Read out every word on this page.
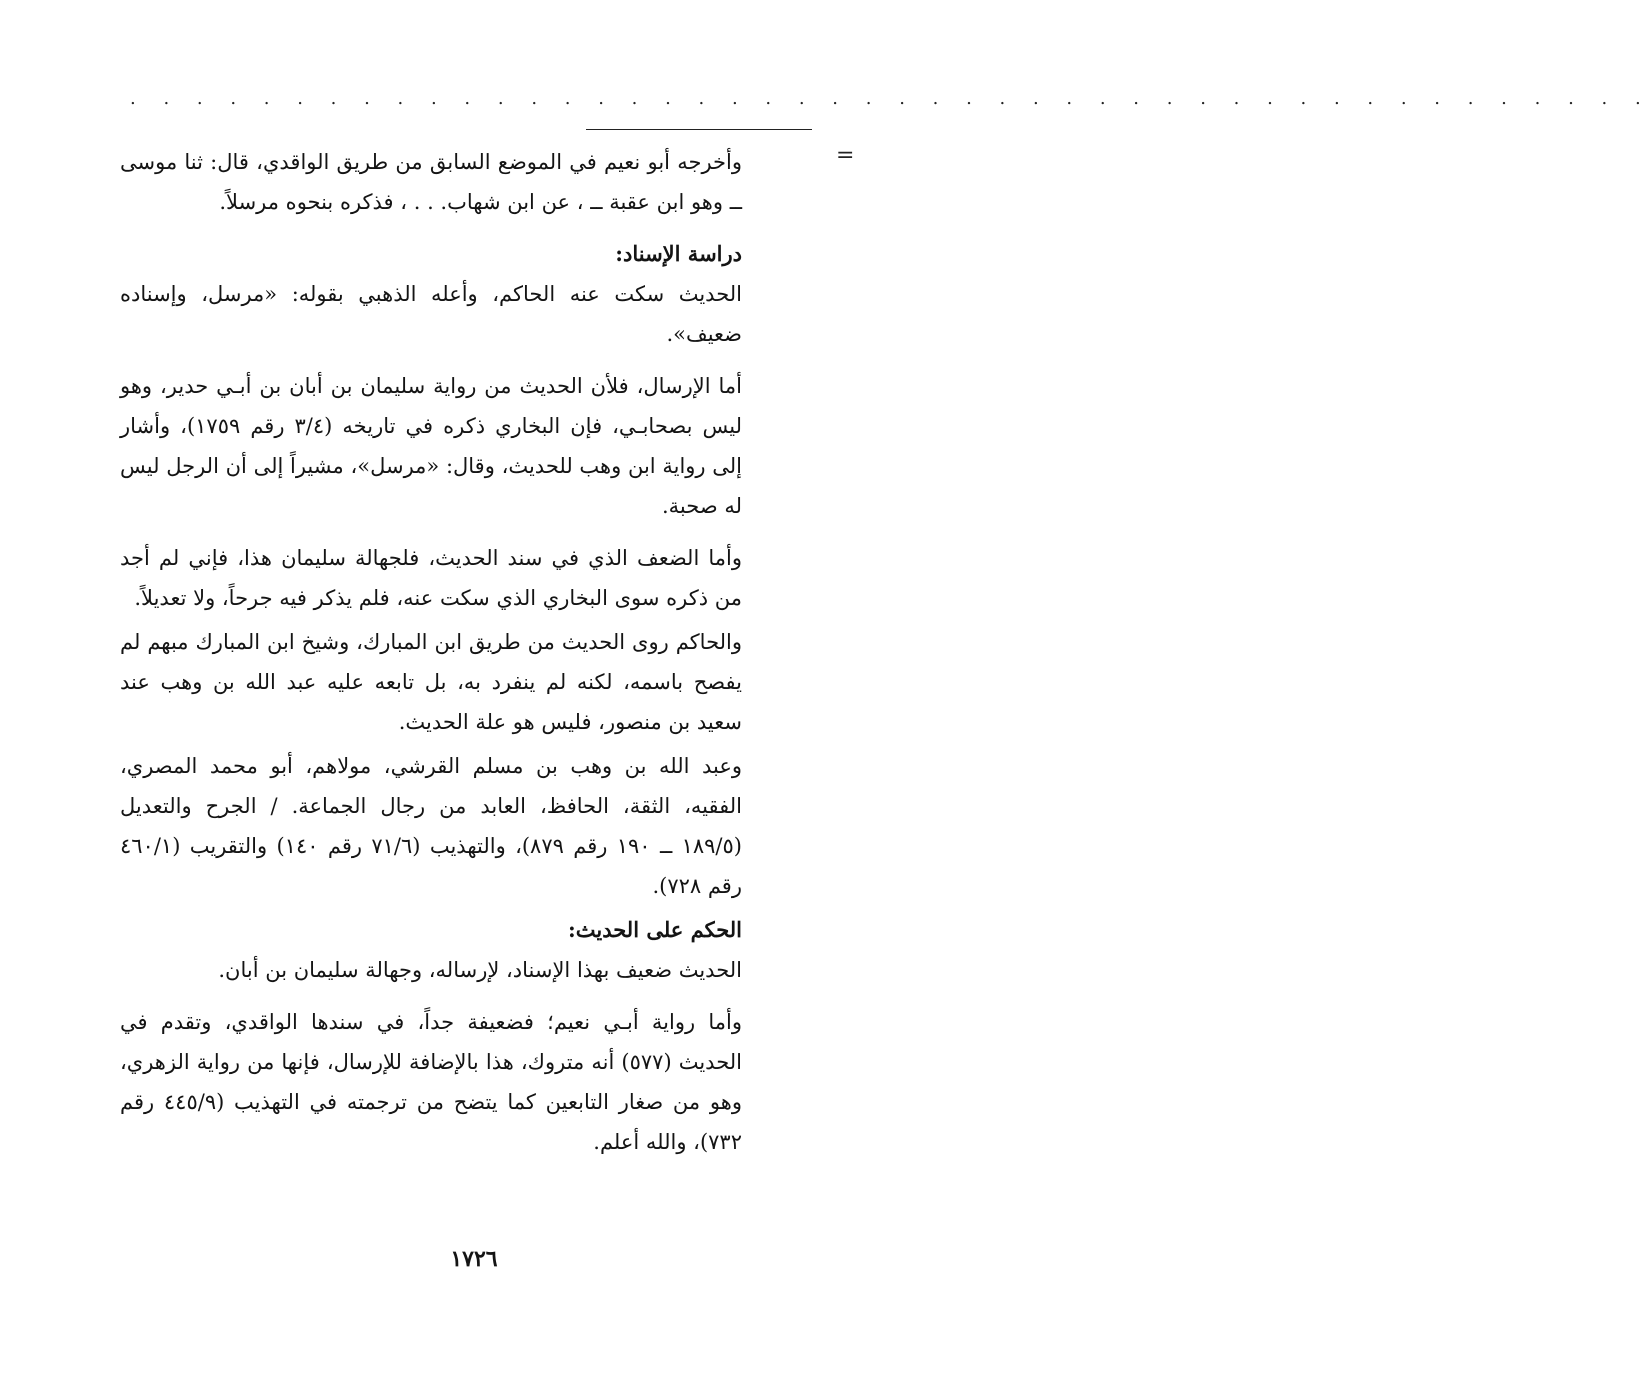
. . . . . . . . . . . . . . . . . . . . . . . . . . . . . . . . . . . . . . . . . . . . . .
=

وأخرجه أبو نعيم في الموضع السابق من طريق الواقدي، قال: ثنا موسى ــ وهو ابن عقبة ــ ، عن ابن شهاب. . . ، فذكره بنحوه مرسلاً.

دراسة الإسناد:

الحديث سكت عنه الحاكم، وأعله الذهبي بقوله: «مرسل، وإسناده ضعيف».

أما الإرسال، فلأن الحديث من رواية سليمان بن أبان بن أبـي حدير، وهو ليس بصحابـي، فإن البخاري ذكره في تاريخه (٣/٤ رقم ١٧٥٩)، وأشار إلى رواية ابن وهب للحديث، وقال: «مرسل»، مشيراً إلى أن الرجل ليس له صحبة.

وأما الضعف الذي في سند الحديث، فلجهالة سليمان هذا، فإني لم أجد من ذكره سوى البخاري الذي سكت عنه، فلم يذكر فيه جرحاً، ولا تعديلاً.

والحاكم روى الحديث من طريق ابن المبارك، وشيخ ابن المبارك مبهم لم يفصح باسمه، لكنه لم ينفرد به، بل تابعه عليه عبد الله بن وهب عند سعيد بن منصور، فليس هو علة الحديث.

وعبد الله بن وهب بن مسلم القرشي، مولاهم، أبو محمد المصري، الفقيه، الثقة، الحافظ، العابد من رجال الجماعة. / الجرح والتعديل (١٨٩/٥ ــ ١٩٠ رقم ٨٧٩)، والتهذيب (٧١/٦ رقم ١٤٠) والتقريب (٤٦٠/١ رقم ٧٢٨).

الحكم على الحديث:

الحديث ضعيف بهذا الإسناد، لإرساله، وجهالة سليمان بن أبان.

وأما رواية أبـي نعيم؛ فضعيفة جداً، في سندها الواقدي، وتقدم في الحديث (٥٧٧) أنه متروك، هذا بالإضافة للإرسال، فإنها من رواية الزهري، وهو من صغار التابعين كما يتضح من ترجمته في التهذيب (٤٤٥/٩ رقم ٧٣٢)، والله أعلم.

١٧٢٦
